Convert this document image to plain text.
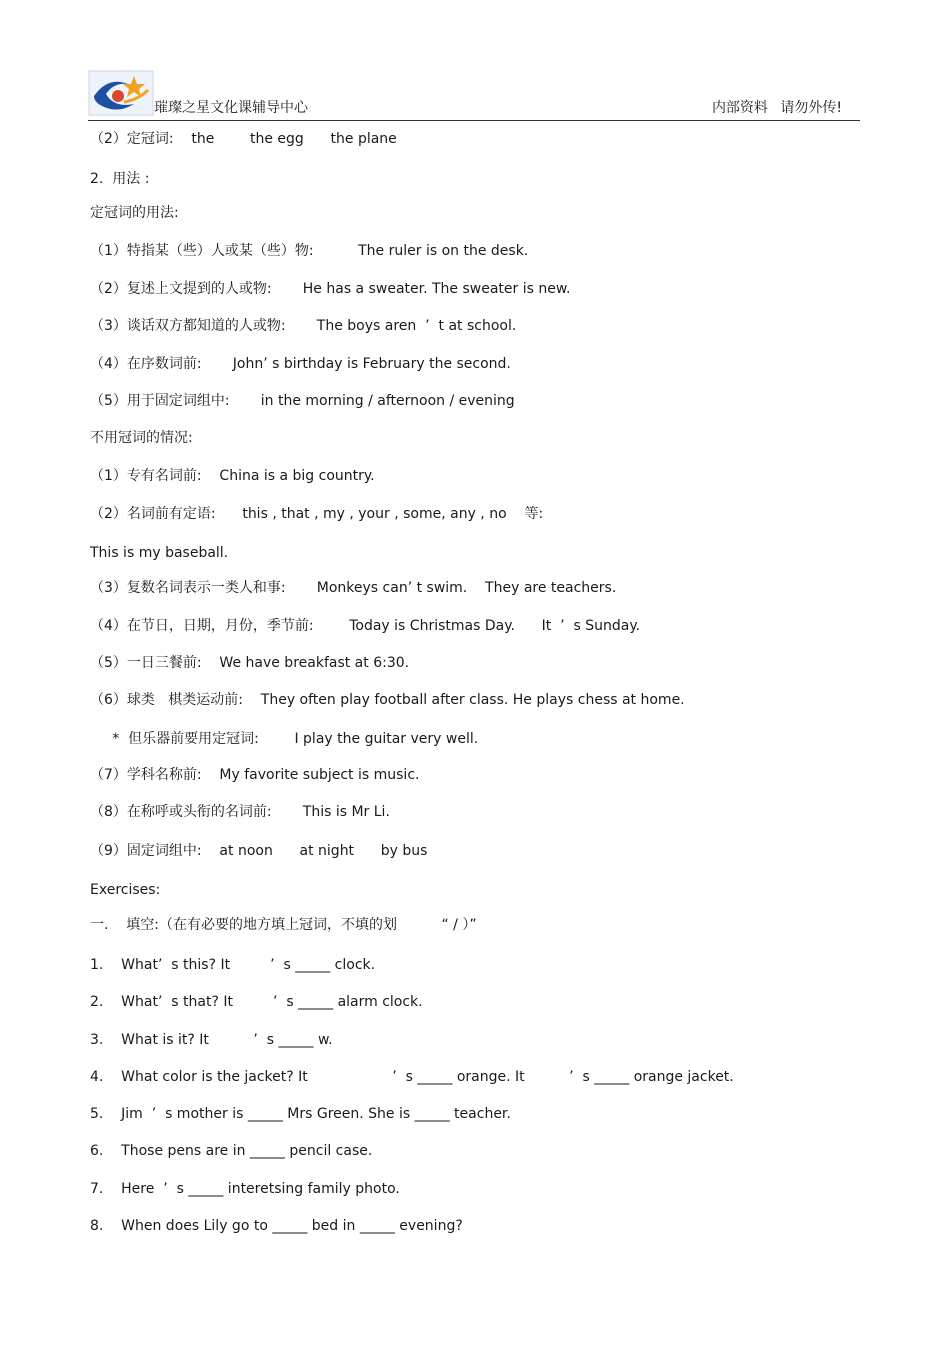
璀璨之星文化课辅导中心	内部资料 请勿外传!
（2）定冠词:    the        the egg      the plane
2.  用法 :
定冠词的用法:
（1）特指某（些）人或某（些）物:          The ruler is on the desk.
（2）复述上文提到的人或物:       He has a sweater. The sweater is new.
（3）谈话双方都知道的人或物:       The boys aren  ’  t at school.
（4）在序数词前:       John’ s birthday is February the second.
（5）用于固定词组中:       in the morning / afternoon / evening
不用冠词的情况:
（1）专有名词前:    China is a big country.
（2）名词前有定语:      this , that , my , your , some, any , no    等:
This is my baseball.
（3）复数名词表示一类人和事:       Monkeys can’ t swim.    They are teachers.
（4）在节日，日期，月份，季节前:        Today is Christmas Day.      It  ’  s Sunday.
（5）一日三餐前:    We have breakfast at 6:30.
（6）球类   棋类运动前:    They often play football after class. He plays chess at home.
*  但乐器前要用定冠词:        I play the guitar very well.
（7）学科名称前:    My favorite subject is music.
（8）在称呼或头衔的名词前:       This is Mr Li.
（9）固定词组中:    at noon      at night      by bus
Exercises:
一.    填空:（在有必要的地方填上冠词，不填的划          “ / ）”
1.    What’  s this? It         ’  s _____ clock.
2.    What’  s that? It         ’  s _____ alarm clock.
3.    What is it? It          ’  s _____ w.
4.    What color is the jacket? It                   ’  s _____ orange. It          ’  s _____ orange jacket.
5.    Jim  ’  s mother is _____ Mrs Green. She is _____ teacher.
6.    Those pens are in _____ pencil case.
7.    Here  ’  s _____ interetsing family photo.
8.    When does Lily go to _____ bed in _____ evening?
